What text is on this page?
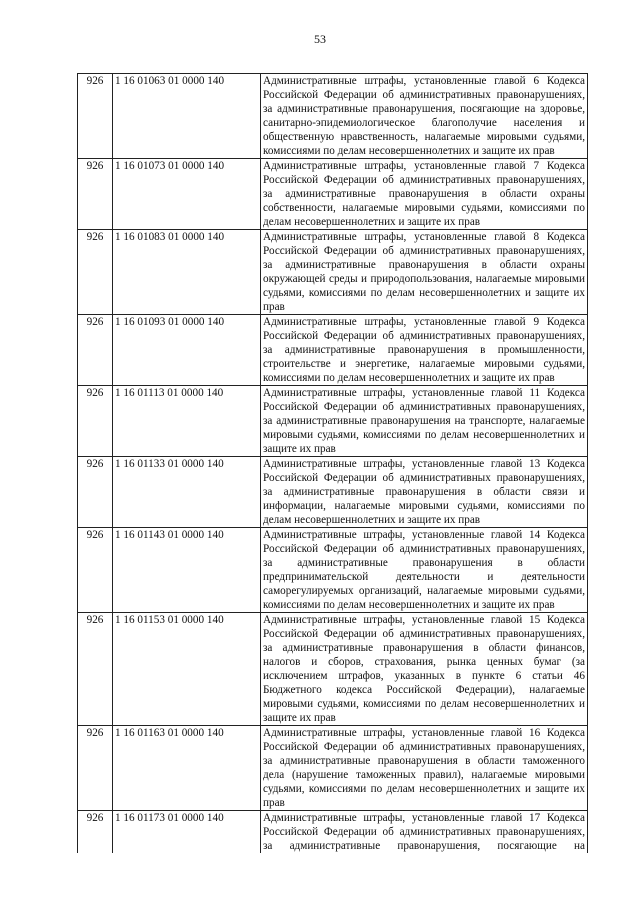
53
926	1 16 01063 01 0000 140	Административные штрафы, установленные главой 6 Кодекса Российской Федерации об административных правонарушениях, за административные правонарушения, посягающие на здоровье, санитарно-эпидемиологическое благополучие населения и общественную нравственность, налагаемые мировыми судьями, комиссиями по делам несовершеннолетних и защите их прав
926	1 16 01073 01 0000 140	Административные штрафы, установленные главой 7 Кодекса Российской Федерации об административных правонарушениях, за административные правонарушения в области охраны собственности, налагаемые мировыми судьями, комиссиями по делам несовершеннолетних и защите их прав
926	1 16 01083 01 0000 140	Административные штрафы, установленные главой 8 Кодекса Российской Федерации об административных правонарушениях, за административные правонарушения в области охраны окружающей среды и природопользования, налагаемые мировыми судьями, комиссиями по делам несовершеннолетних и защите их прав
926	1 16 01093 01 0000 140	Административные штрафы, установленные главой 9 Кодекса Российской Федерации об административных правонарушениях, за административные правонарушения в промышленности, строительстве и энергетике, налагаемые мировыми судьями, комиссиями по делам несовершеннолетних и защите их прав
926	1 16 01113 01 0000 140	Административные штрафы, установленные главой 11 Кодекса Российской Федерации об административных правонарушениях, за административные правонарушения на транспорте, налагаемые мировыми судьями, комиссиями по делам несовершеннолетних и защите их прав
926	1 16 01133 01 0000 140	Административные штрафы, установленные главой 13 Кодекса Российской Федерации об административных правонарушениях, за административные правонарушения в области связи и информации, налагаемые мировыми судьями, комиссиями по делам несовершеннолетних и защите их прав
926	1 16 01143 01 0000 140	Административные штрафы, установленные главой 14 Кодекса Российской Федерации об административных правонарушениях, за административные правонарушения в области предпринимательской деятельности и деятельности саморегулируемых организаций, налагаемые мировыми судьями, комиссиями по делам несовершеннолетних и защите их прав
926	1 16 01153 01 0000 140	Административные штрафы, установленные главой 15 Кодекса Российской Федерации об административных правонарушениях, за административные правонарушения в области финансов, налогов и сборов, страхования, рынка ценных бумаг (за исключением штрафов, указанных в пункте 6 статьи 46 Бюджетного кодекса Российской Федерации), налагаемые мировыми судьями, комиссиями по делам несовершеннолетних и защите их прав
926	1 16 01163 01 0000 140	Административные штрафы, установленные главой 16 Кодекса Российской Федерации об административных правонарушениях, за административные правонарушения в области таможенного дела (нарушение таможенных правил), налагаемые мировыми судьями, комиссиями по делам несовершеннолетних и защите их прав
926	1 16 01173 01 0000 140	Административные штрафы, установленные главой 17 Кодекса Российской Федерации об административных правонарушениях, за административные правонарушения, посягающие на
